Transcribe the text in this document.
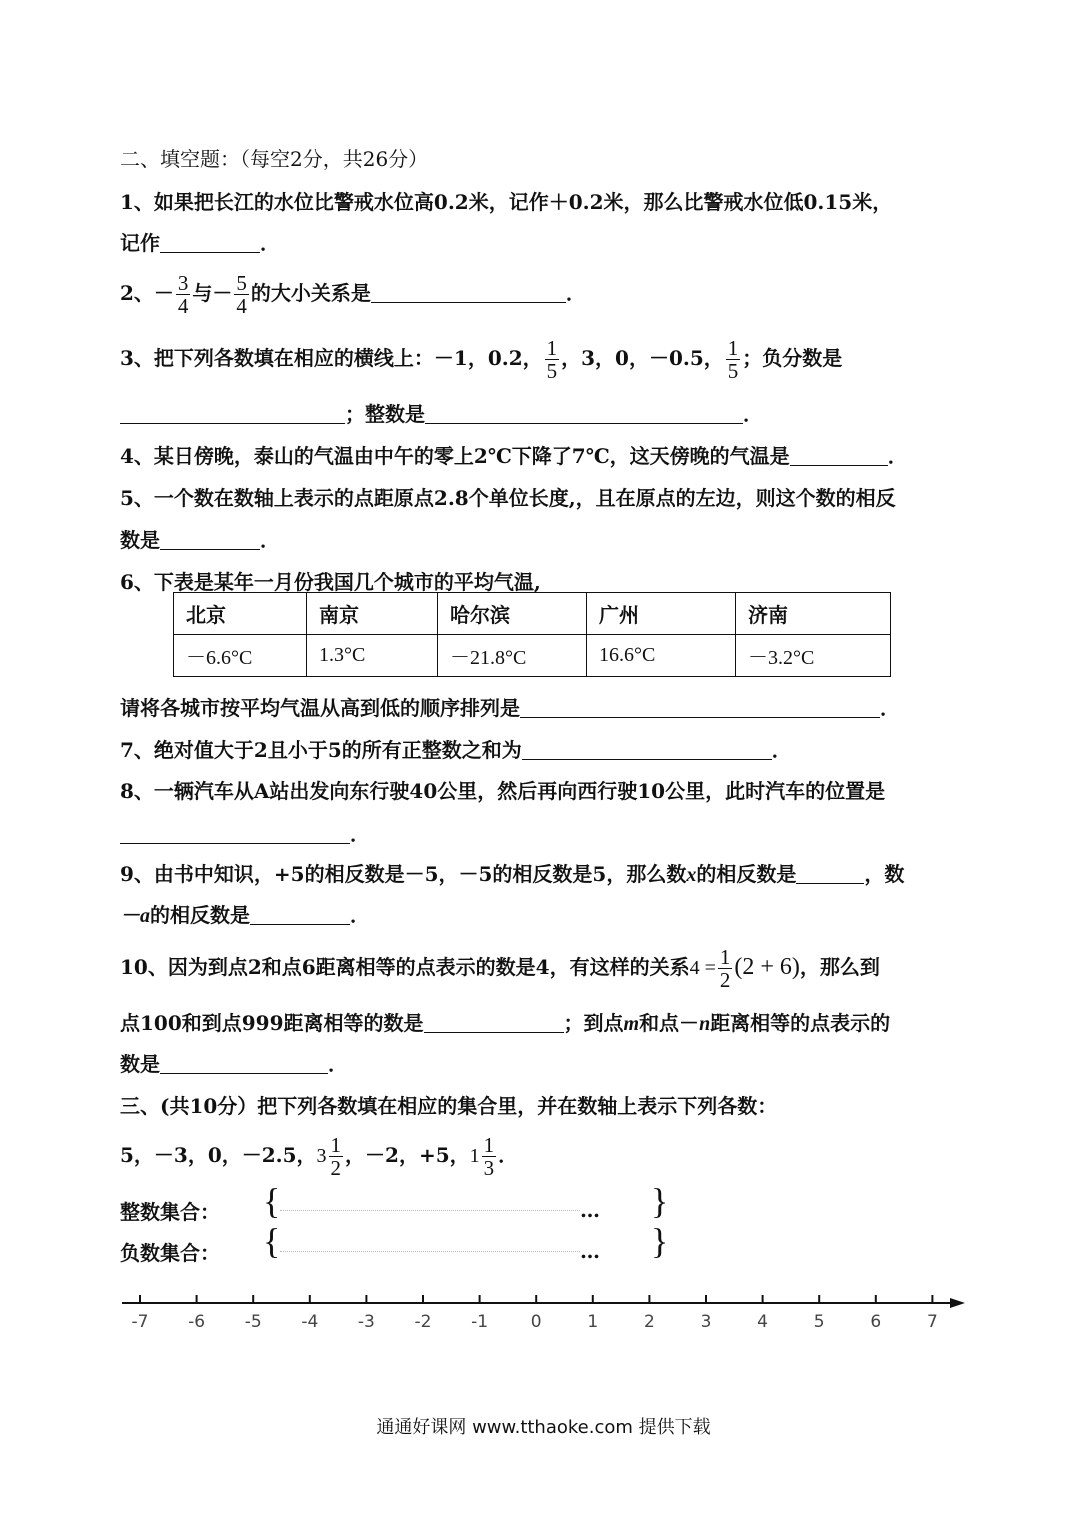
二、填空题：（每空2分，共26分）
1、如果把长江的水位比警戒水位高0.2米，记作＋0.2米，那么比警戒水位低0.15米，
记作	．
2、－ $\frac{3}{4}$ 与－ $\frac{5}{4}$ 的大小关系是	．
3、把下列各数填在相应的横线上：－1，0.2， $\frac{1}{5}$ ，3，0，－0.5， $\frac{1}{5}$ ；负分数是
；整数是	．
4、某日傍晚，泰山的气温由中午的零上2℃下降了7℃，这天傍晚的气温是	．
5、一个数在数轴上表示的点距原点2.8个单位长度,，且在原点的左边，则这个数的相反
数是	．
6、下表是某年一月份我国几个城市的平均气温,
北京	南京	哈尔滨	广州	济南
－6.6°C	1.3°C	－21.8°C	16.6°C	－3.2°C
请将各城市按平均气温从高到低的顺序排列是	．
7、绝对值大于2且小于5的所有正整数之和为	．
8、一辆汽车从A站出发向东行驶40公里，然后再向西行驶10公里，此时汽车的位置是
．
9、由书中知识，+5的相反数是－5，－5的相反数是5，那么数x的相反数是	，数
－a的相反数是	．
10、因为到点2和点6距离相等的点表示的数是4，有这样的关系$4 = \frac{1}{2} (2 + 6)$，那么到
点100和到点999距离相等的数是	；到点m和点－n距离相等的点表示的
数是	．
三、(共10分）把下列各数填在相应的集合里，并在数轴上表示下列各数：
5，－3，0，－2.5，$3 \frac{1}{2}$ ，－2，+5，$1 \frac{1}{3}$ ．
整数集合： {	… }
负数集合： {	… }
-7 -6 -5 -4 -3 -2 -1	0	1	2	3	4	5	6	7
通通好课网 www.tthaoke.com 提供下载
